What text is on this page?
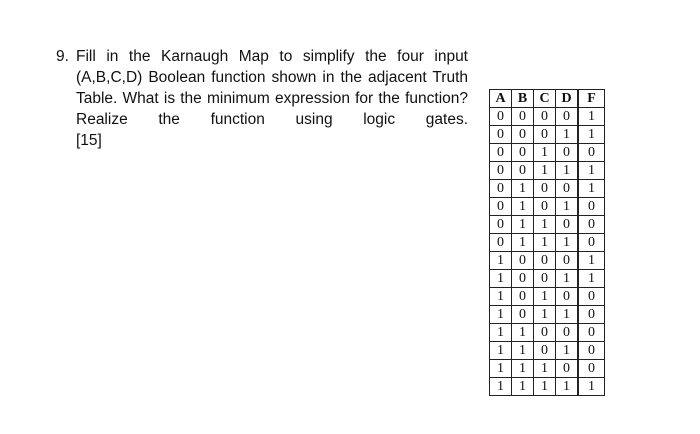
9. Fill in the Karnaugh Map to simplify the four input
(A,B,C,D) Boolean function shown in the adjacent Truth
Table. What is the minimum expression for the function?
Realize the function using logic gates.
[15]
A	B	C	D	F
0	0	0	0	1
0	0	0	1	1
0	0	1	0	0
0	0	1	1	1
0	1	0	0	1
0	1	0	1	0
0	1	1	0	0
0	1	1	1	0
1	0	0	0	1
1	0	0	1	1
1	0	1	0	0
1	0	1	1	0
1	1	0	0	0
1	1	0	1	0
1	1	1	0	0
1	1	1	1	1
